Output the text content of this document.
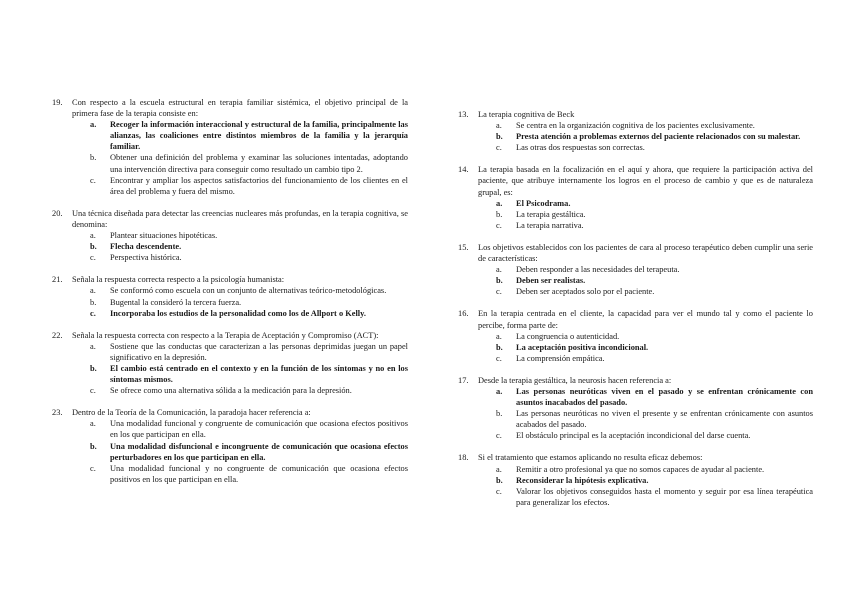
19. Con respecto a la escuela estructural en terapia familiar sistémica, el objetivo principal de la primera fase de la terapia consiste en:
a. Recoger la información interaccional y estructural de la familia, principalmente las alianzas, las coaliciones entre distintos miembros de la familia y la jerarquía familiar.
b. Obtener una definición del problema y examinar las soluciones intentadas, adoptando una intervención directiva para conseguir como resultado un cambio tipo 2.
c. Encontrar y ampliar los aspectos satisfactorios del funcionamiento de los clientes en el área del problema y fuera del mismo.
20. Una técnica diseñada para detectar las creencias nucleares más profundas, en la terapia cognitiva, se denomina:
a. Plantear situaciones hipotéticas.
b. Flecha descendente.
c. Perspectiva histórica.
21. Señala la respuesta correcta respecto a la psicología humanista:
a. Se conformó como escuela con un conjunto de alternativas teórico-metodológicas.
b. Bugental la consideró la tercera fuerza.
c. Incorporaba los estudios de la personalidad como los de Allport o Kelly.
22. Señala la respuesta correcta con respecto a la Terapia de Aceptación y Compromiso (ACT):
a. Sostiene que las conductas que caracterizan a las personas deprimidas juegan un papel significativo en la depresión.
b. El cambio está centrado en el contexto y en la función de los síntomas y no en los síntomas mismos.
c. Se ofrece como una alternativa sólida a la medicación para la depresión.
23. Dentro de la Teoría de la Comunicación, la paradoja hacer referencia a:
a. Una modalidad funcional y congruente de comunicación que ocasiona efectos positivos en los que participan en ella.
b. Una modalidad disfuncional e incongruente de comunicación que ocasiona efectos perturbadores en los que participan en ella.
c. Una modalidad funcional y no congruente de comunicación que ocasiona efectos positivos en los que participan en ella.
13. La terapia cognitiva de Beck
a. Se centra en la organización cognitiva de los pacientes exclusivamente.
b. Presta atención a problemas externos del paciente relacionados con su malestar.
c. Las otras dos respuestas son correctas.
14. La terapia basada en la focalización en el aquí y ahora, que requiere la participación activa del paciente, que atribuye internamente los logros en el proceso de cambio y que es de naturaleza grupal, es:
a. El Psicodrama.
b. La terapia gestáltica.
c. La terapia narrativa.
15. Los objetivos establecidos con los pacientes de cara al proceso terapéutico deben cumplir una serie de características:
a. Deben responder a las necesidades del terapeuta.
b. Deben ser realistas.
c. Deben ser aceptados solo por el paciente.
16. En la terapia centrada en el cliente, la capacidad para ver el mundo tal y como el paciente lo percibe, forma parte de:
a. La congruencia o autenticidad.
b. La aceptación positiva incondicional.
c. La comprensión empática.
17. Desde la terapia gestáltica, la neurosis hacen referencia a:
a. Las personas neuróticas viven en el pasado y se enfrentan crónicamente con asuntos inacabados del pasado.
b. Las personas neuróticas no viven el presente y se enfrentan crónicamente con asuntos acabados del pasado.
c. El obstáculo principal es la aceptación incondicional del darse cuenta.
18. Si el tratamiento que estamos aplicando no resulta eficaz debemos:
a. Remitir a otro profesional ya que no somos capaces de ayudar al paciente.
b. Reconsiderar la hipótesis explicativa.
c. Valorar los objetivos conseguidos hasta el momento y seguir por esa línea terapéutica para generalizar los efectos.
